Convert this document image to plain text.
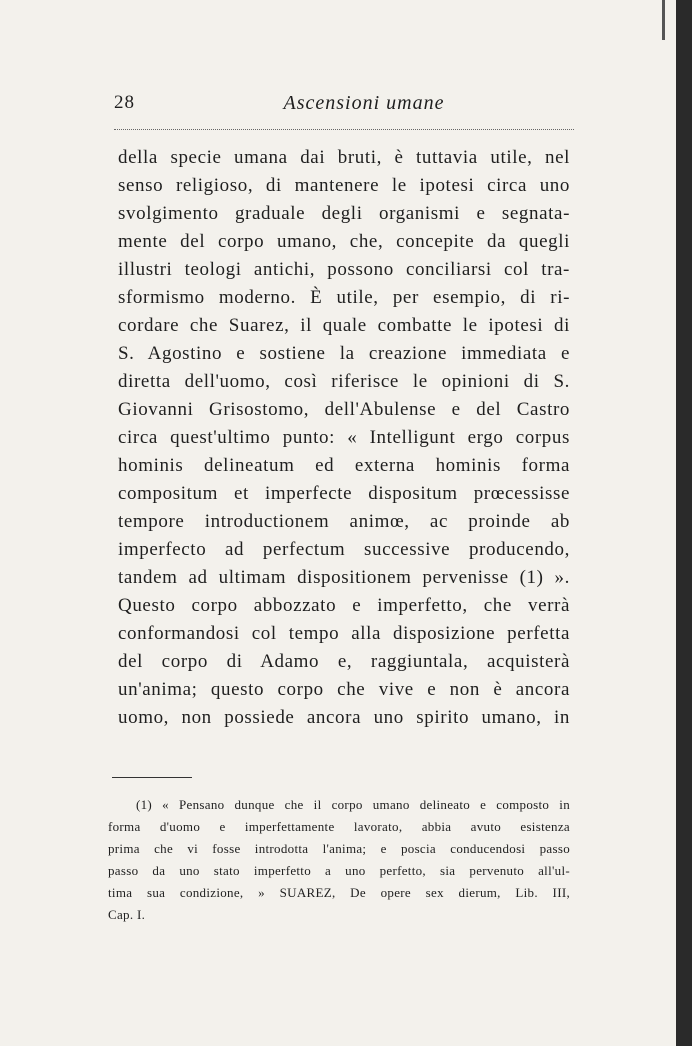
28	Ascensioni umane
della specie umana dai bruti, è tuttavia utile, nel
senso religioso, di mantenere le ipotesi circa uno
svolgimento graduale degli organismi e segnata-
mente del corpo umano, che, concepite da quegli
illustri teologi antichi, possono conciliarsi col tra-
sformismo moderno. È utile, per esempio, di ri-
cordare che Suarez, il quale combatte le ipotesi di
S. Agostino e sostiene la creazione immediata e
diretta dell'uomo, così riferisce le opinioni di S.
Giovanni Grisostomo, dell'Abulense e del Castro
circa quest'ultimo punto: « Intelligunt ergo corpus
hominis delineatum ed externa hominis forma
compositum et imperfecte dispositum prœcessisse
tempore introductionem animœ, ac proinde ab
imperfecto ad perfectum successive producendo,
tandem ad ultimam dispositionem pervenisse (1) ».
Questo corpo abbozzato e imperfetto, che verrà
conformandosi col tempo alla disposizione perfetta
del corpo di Adamo e, raggiuntala, acquisterà
un'anima; questo corpo che vive e non è ancora
uomo, non possiede ancora uno spirito umano, in
(1) « Pensano dunque che il corpo umano delineato e composto in
forma d'uomo e imperfettamente lavorato, abbia avuto esistenza
prima che vi fosse introdotta l'anima; e poscia conducendosi passo
passo da uno stato imperfetto a uno perfetto, sia pervenuto all'ul-
tima sua condizione, » SUAREZ, De opere sex dierum, Lib. III,
Cap. I.
